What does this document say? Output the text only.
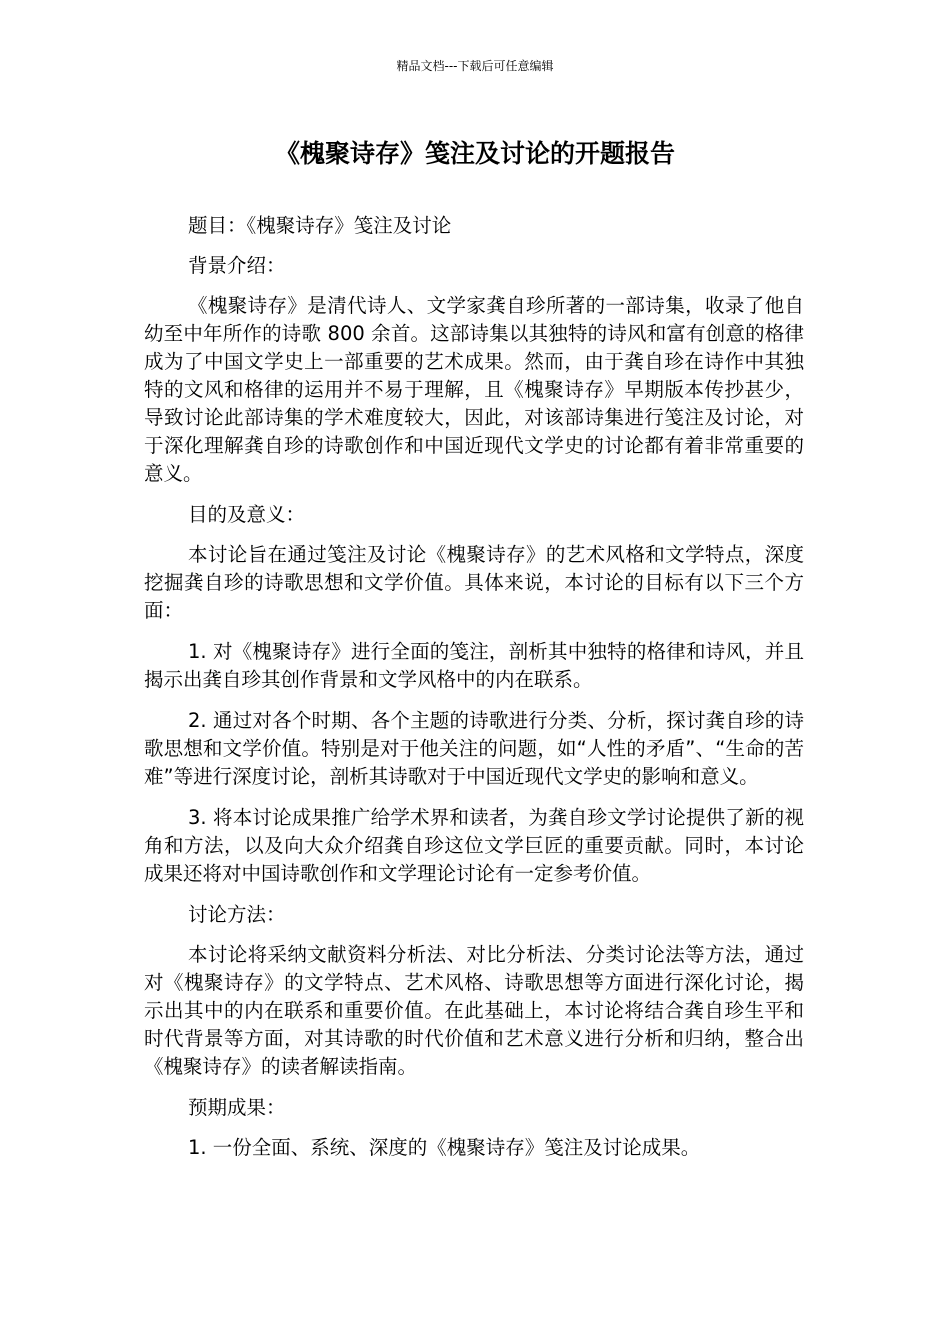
精品文档---下载后可任意编辑
《槐聚诗存》笺注及讨论的开题报告

题目：《槐聚诗存》笺注及讨论

背景介绍：

《槐聚诗存》是清代诗人、文学家龚自珍所著的一部诗集，收录了他自幼至中年所作的诗歌 800 余首。这部诗集以其独特的诗风和富有创意的格律成为了中国文学史上一部重要的艺术成果。然而，由于龚自珍在诗作中其独特的文风和格律的运用并不易于理解，且《槐聚诗存》早期版本传抄甚少，导致讨论此部诗集的学术难度较大，因此，对该部诗集进行笺注及讨论，对于深化理解龚自珍的诗歌创作和中国近现代文学史的讨论都有着非常重要的意义。

目的及意义：

本讨论旨在通过笺注及讨论《槐聚诗存》的艺术风格和文学特点，深度挖掘龚自珍的诗歌思想和文学价值。具体来说，本讨论的目标有以下三个方面：

1. 对《槐聚诗存》进行全面的笺注，剖析其中独特的格律和诗风，并且揭示出龚自珍其创作背景和文学风格中的内在联系。

2. 通过对各个时期、各个主题的诗歌进行分类、分析，探讨龚自珍的诗歌思想和文学价值。特别是对于他关注的问题，如“人性的矛盾”、“生命的苦难”等进行深度讨论，剖析其诗歌对于中国近现代文学史的影响和意义。

3. 将本讨论成果推广给学术界和读者，为龚自珍文学讨论提供了新的视角和方法，以及向大众介绍龚自珍这位文学巨匠的重要贡献。同时，本讨论成果还将对中国诗歌创作和文学理论讨论有一定参考价值。

讨论方法：

本讨论将采纳文献资料分析法、对比分析法、分类讨论法等方法，通过对《槐聚诗存》的文学特点、艺术风格、诗歌思想等方面进行深化讨论，揭示出其中的内在联系和重要价值。在此基础上，本讨论将结合龚自珍生平和时代背景等方面，对其诗歌的时代价值和艺术意义进行分析和归纳，整合出《槐聚诗存》的读者解读指南。

预期成果：

1. 一份全面、系统、深度的《槐聚诗存》笺注及讨论成果。
